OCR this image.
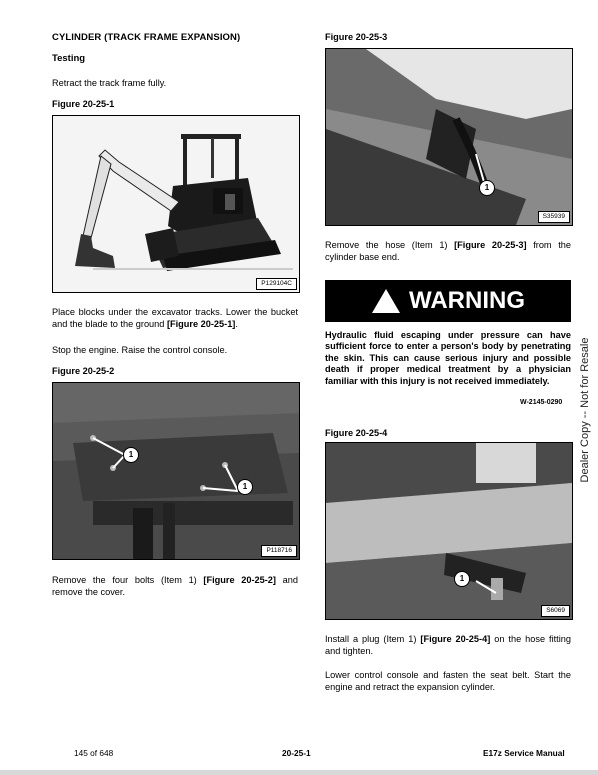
CYLINDER (TRACK FRAME EXPANSION)
Testing
Retract the track frame fully.
Figure 20-25-1
P129104C
Place blocks under the excavator tracks. Lower the bucket and the blade to the ground [Figure 20-25-1].
Stop the engine. Raise the control console.
Figure 20-25-2
1
1
P118716
Remove the four bolts (Item 1) [Figure 20-25-2] and remove the cover.
Figure 20-25-3
1
S35939
Remove the hose (Item 1) [Figure 20-25-3] from the cylinder base end.
! WARNING
Hydraulic fluid escaping under pressure can have sufficient force to enter a person's body by penetrating the skin. This can cause serious injury and possible death if proper medical treatment by a physician familiar with this injury is not received immediately.
W-2145-0290
Figure 20-25-4
1
S6069
Install a plug (Item 1) [Figure 20-25-4] on the hose fitting and tighten.
Lower control console and fasten the seat belt. Start the engine and retract the expansion cylinder.
Dealer Copy -- Not for Resale
145 of 648	20-25-1	E17z Service Manual
